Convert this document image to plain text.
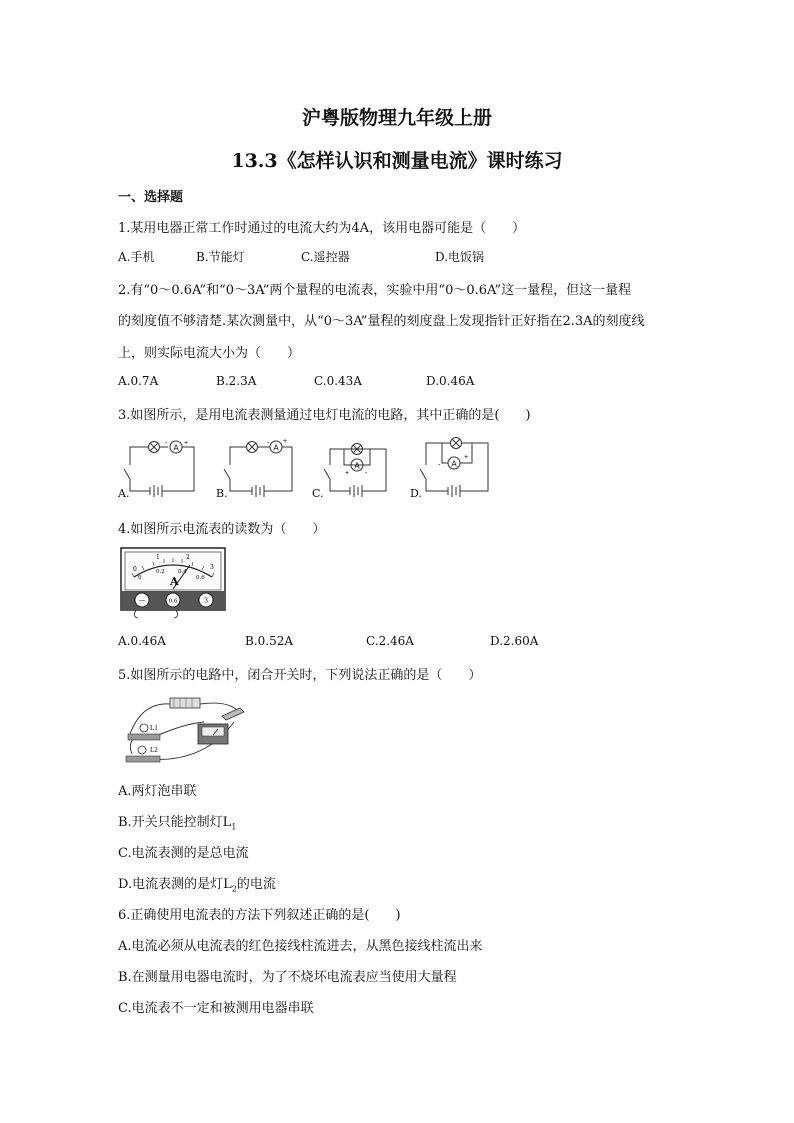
沪粤版物理九年级上册
13.3《怎样认识和测量电流》课时练习
一、选择题
1.某用电器正常工作时通过的电流大约为4A，该用电器可能是（　　）
A.手机	B.节能灯	C.遥控器	D.电饭锅
2.有“0～0.6A”和“0～3A”两个量程的电流表，实验中用“0～0.6A”这一量程，但这一量程
的刻度值不够清楚.某次测量中，从“0～3A”量程的刻度盘上发现指针正好指在2.3A的刻度线
上，则实际电流大小为（　　）
A.0.7A	B.2.3A	C.0.43A	D.0.46A
3.如图所示，是用电流表测量通过电灯电流的电路，其中正确的是(　　)
A
- +
A.
A
- +
B.
A
+ -
C.
A
-
+
D.
4.如图所示电流表的读数为（　　）
0
1	2
3
0
0.2 0.4
0.6
A
—	0.6	3
A.0.46A	B.0.52A	C.2.46A	D.2.60A
5.如图所示的电路中，闭合开关时，下列说法正确的是（　　）
L1
L2
A.两灯泡串联
B.开关只能控制灯$L_1$
C.电流表测的是总电流
D.电流表测的是灯$L_2$的电流
6.正确使用电流表的方法下列叙述正确的是(　　)
A.电流必须从电流表的红色接线柱流进去，从黑色接线柱流出来
B.在测量用电器电流时，为了不烧坏电流表应当使用大量程
C.电流表不一定和被测用电器串联
